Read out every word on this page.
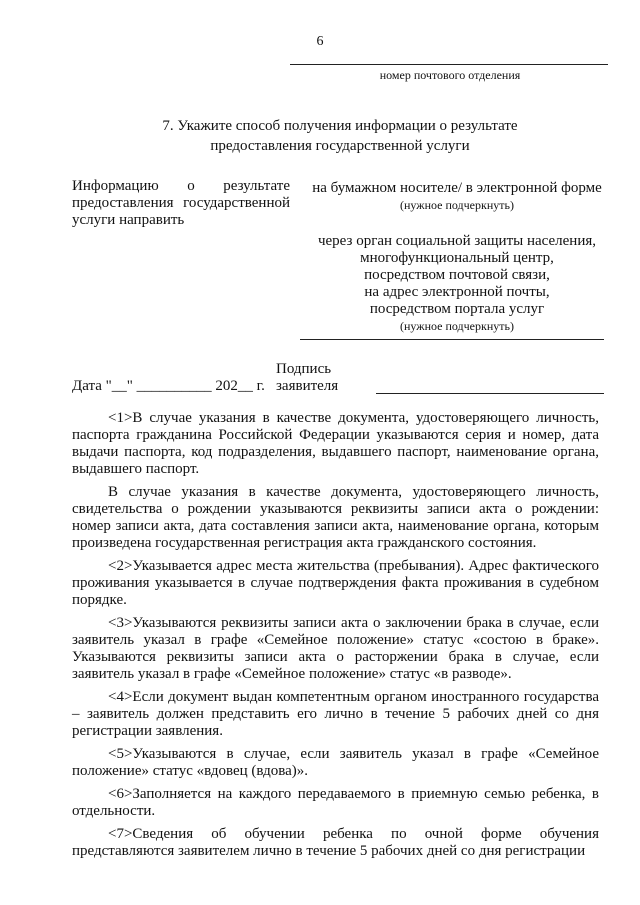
6
номер почтового отделения
7. Укажите способ получения информации о результате
предоставления государственной услуги
Информацию о результате
предоставления государственной
услуги направить
на бумажном носителе/ в электронной форме
(нужное подчеркнуть)
через орган социальной защиты населения,
многофункциональный центр,
посредством почтовой связи,
на адрес электронной почты,
посредством портала услуг
(нужное подчеркнуть)
Подпись
Дата "__" __________ 202__ г. заявителя

<1>В случае указания в качестве документа, удостоверяющего личность, паспорта гражданина Российской Федерации указываются серия и номер, дата выдачи паспорта, код подразделения, выдавшего паспорт, наименование органа, выдавшего паспорт.

В случае указания в качестве документа, удостоверяющего личность, свидетельства о рождении указываются реквизиты записи акта о рождении: номер записи акта, дата составления записи акта, наименование органа, которым произведена государственная регистрация акта гражданского состояния.

<2>Указывается адрес места жительства (пребывания). Адрес фактического проживания указывается в случае подтверждения факта проживания в судебном порядке.

<3>Указываются реквизиты записи акта о заключении брака в случае, если заявитель указал в графе «Семейное положение» статус «состою в браке». Указываются реквизиты записи акта о расторжении брака в случае, если заявитель указал в графе «Семейное положение» статус «в разводе».

<4>Если документ выдан компетентным органом иностранного государства – заявитель должен представить его лично в течение 5 рабочих дней со дня регистрации заявления.

<5>Указываются в случае, если заявитель указал в графе «Семейное положение» статус «вдовец (вдова)».

<6>Заполняется на каждого передаваемого в приемную семью ребенка, в отдельности.

<7>Сведения об обучении ребенка по очной форме обучения представляются заявителем лично в течение 5 рабочих дней со дня регистрации
